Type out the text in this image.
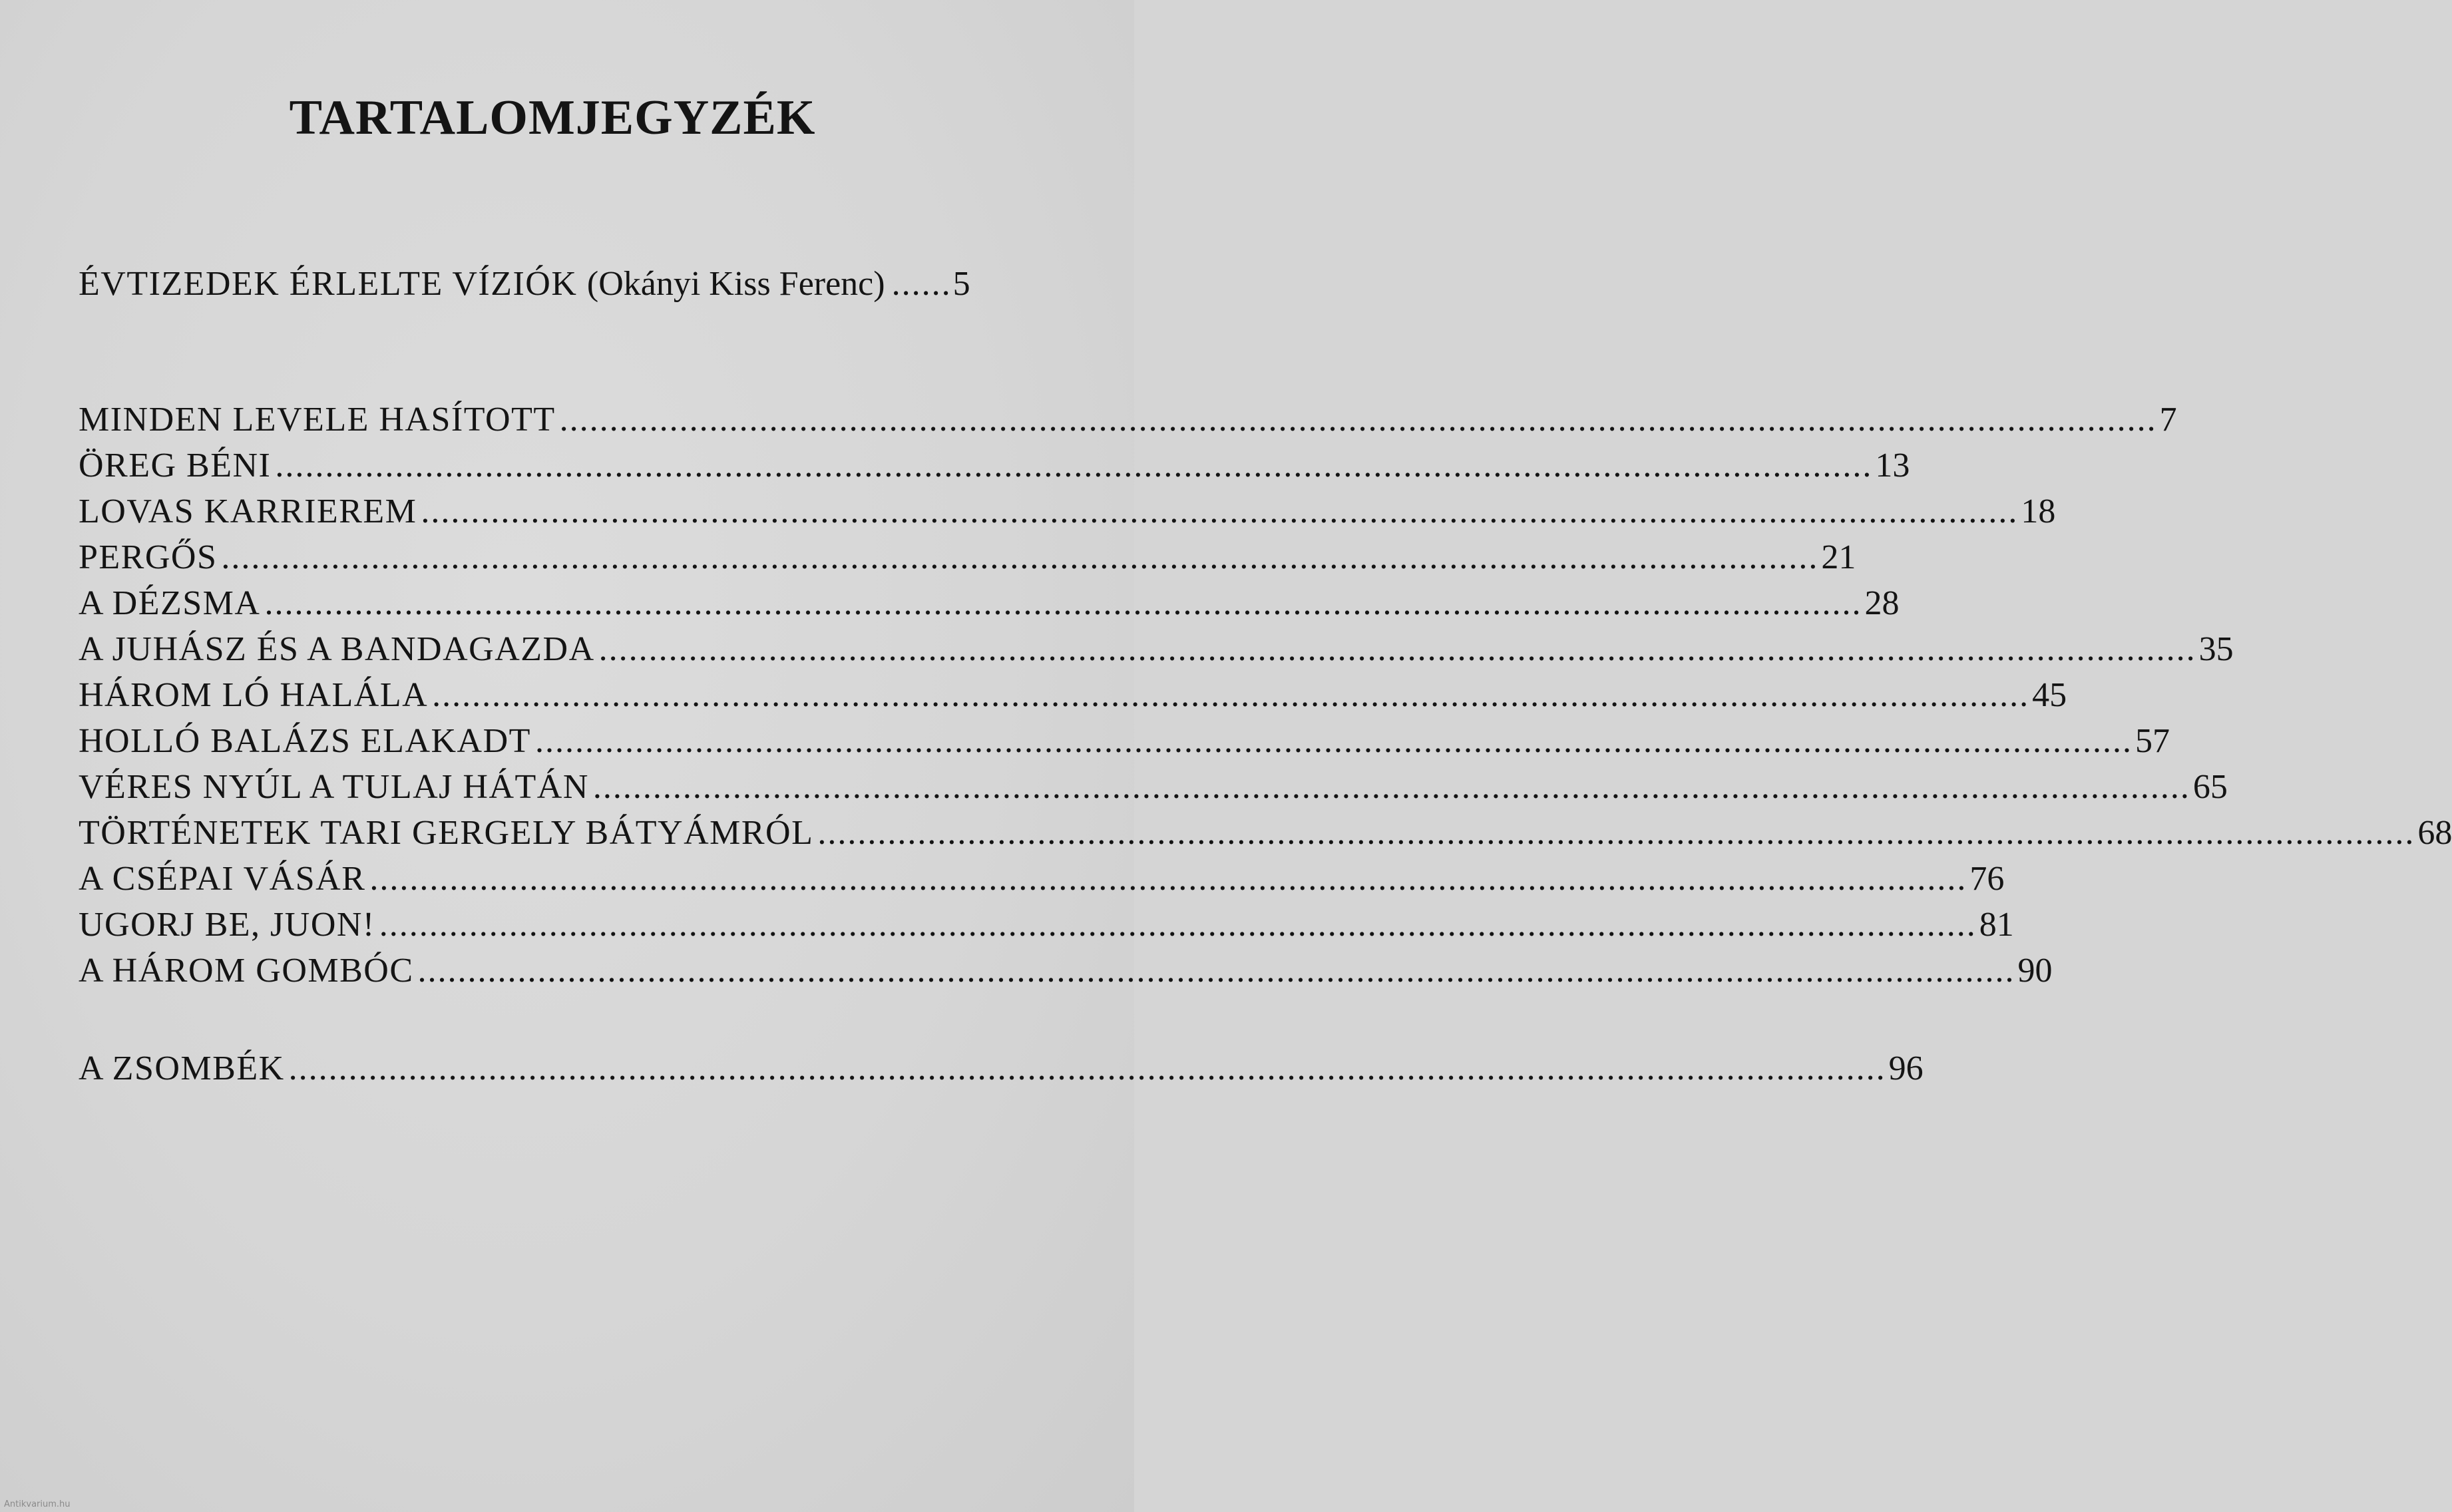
TARTALOMJEGYZÉK
ÉVTIZEDEK ÉRLELTE VÍZIÓK (Okányi Kiss Ferenc) ...... 5
MINDEN LEVELE HASÍTOTT ................................................................................................................................................................ 7
ÖREG BÉNI ................................................................................................................................................................ 13
LOVAS KARRIEREM ................................................................................................................................................................ 18
PERGŐS ................................................................................................................................................................ 21
A DÉZSMA ................................................................................................................................................................ 28
A JUHÁSZ ÉS A BANDAGAZDA ................................................................................................................................................................ 35
HÁROM LÓ HALÁLA ................................................................................................................................................................ 45
HOLLÓ BALÁZS ELAKADT ................................................................................................................................................................ 57
VÉRES NYÚL A TULAJ HÁTÁN ................................................................................................................................................................ 65
TÖRTÉNETEK TARI GERGELY BÁTYÁMRÓL ................................................................................................................................................................ 68
A CSÉPAI VÁSÁR ................................................................................................................................................................ 76
UGORJ BE, JUON! ................................................................................................................................................................ 81
A HÁROM GOMBÓC ................................................................................................................................................................ 90
A ZSOMBÉK ................................................................................................................................................................ 96
Antikvarium.hu
